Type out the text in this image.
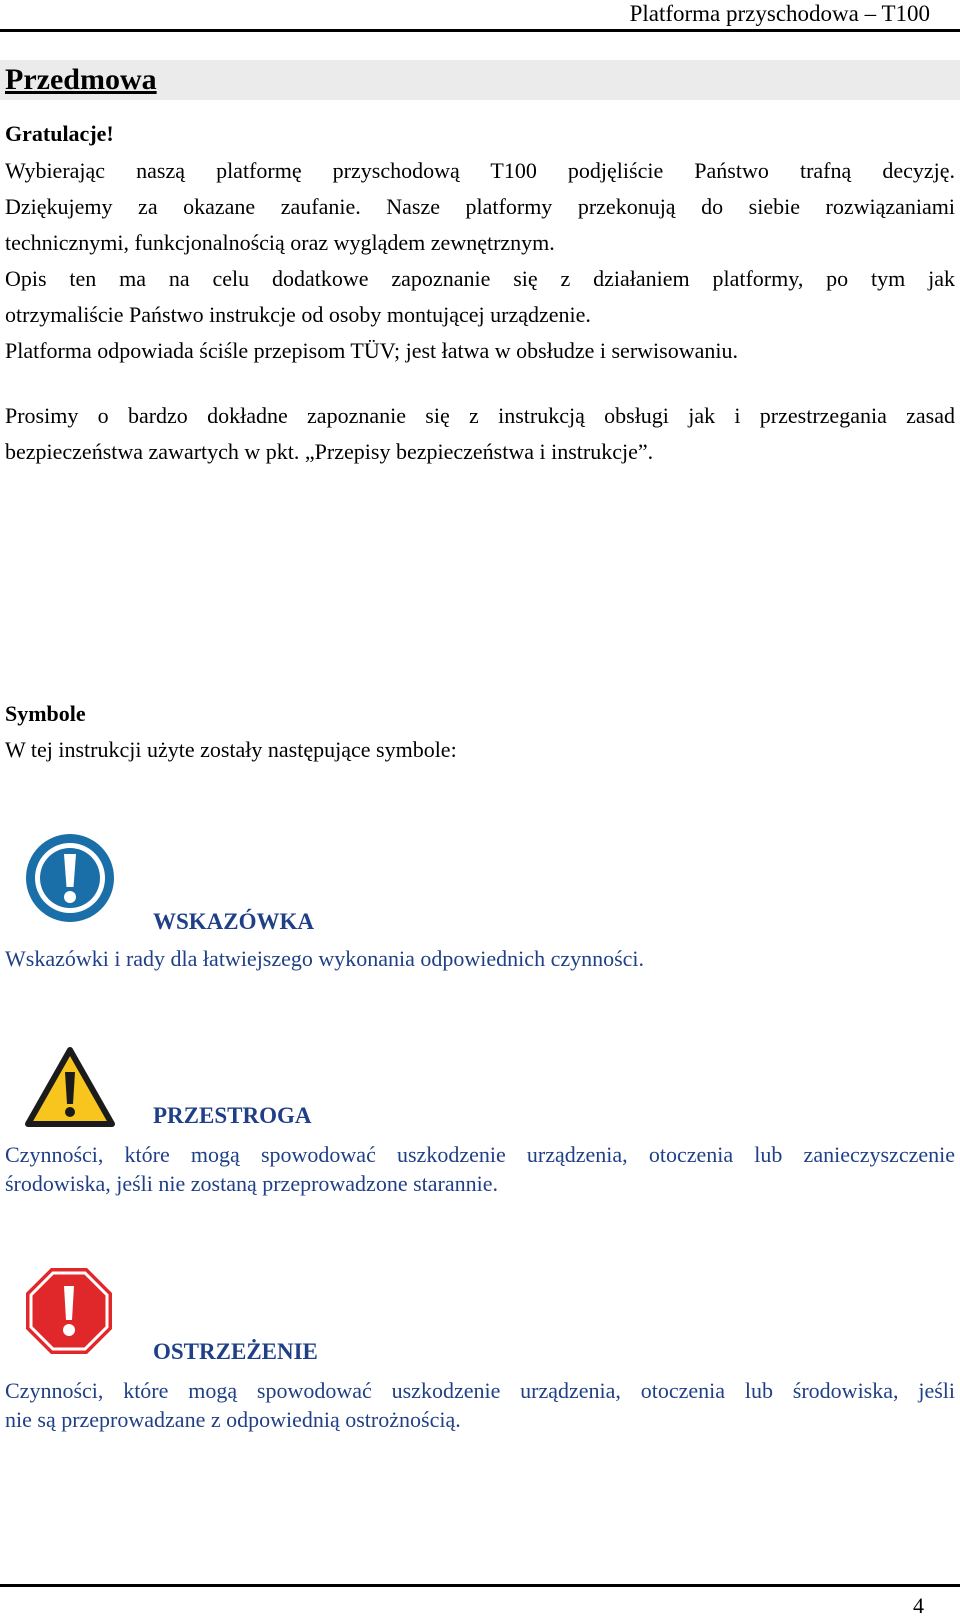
Platforma przyschodowa – T100
Przedmowa
Gratulacje!

Wybierając naszą platformę przyschodową T100 podjęliście Państwo trafną decyzję.

Dziękujemy za okazane zaufanie. Nasze platformy przekonują do siebie rozwiązaniami

technicznymi, funkcjonalnością oraz wyglądem zewnętrznym.

Opis ten ma na celu dodatkowe zapoznanie się z działaniem platformy, po tym jak

otrzymaliście Państwo instrukcje od osoby montującej urządzenie.

Platforma odpowiada ściśle przepisom TÜV; jest łatwa w obsłudze i serwisowaniu.

Prosimy o bardzo dokładne zapoznanie się z instrukcją obsługi jak i przestrzegania zasad

bezpieczeństwa zawartych w pkt. „Przepisy bezpieczeństwa i instrukcje”.

Symbole
W tej instrukcji użyte zostały następujące symbole:
WSKAZÓWKA
Wskazówki i rady dla łatwiejszego wykonania odpowiednich czynności.
PRZESTROGA
Czynności, które mogą spowodować uszkodzenie urządzenia, otoczenia lub zanieczyszczenie
środowiska, jeśli nie zostaną przeprowadzone starannie.
OSTRZEŻENIE
Czynności, które mogą spowodować uszkodzenie urządzenia, otoczenia lub środowiska, jeśli
nie są przeprowadzane z odpowiednią ostrożnością.
4
